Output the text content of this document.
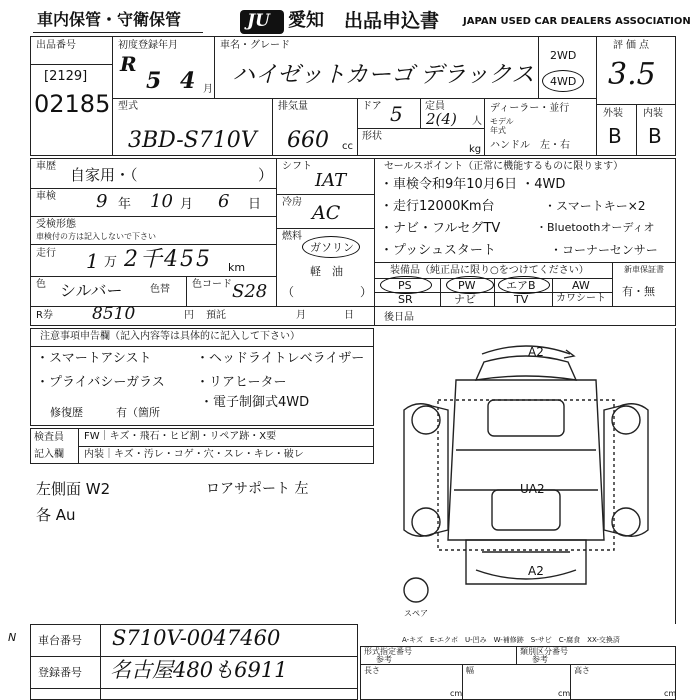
車内保管・守衛保管	JU 愛知 出品申込書 JAPAN USED CAR DEALERS ASSOCIATION
出品番号
[2129]
02185
初度登録年月
R
5 4 月
車名・グレード
ハイゼットカーゴ デラックス
2WD
4WD
評価点
3.5
外装 内装
B B
型式
3BD-S710V
排気量
660 cc
ドア 5 定員
2(4) 人
形状
kg
ディーラー・並行
モデル
年式
ハンドル　左・右
車歴 自家用・（	）
車検 9 年 10 月 6 日
受検形態
車検付の方は記入しないで下さい
走行 1 万 2千455 km
色 シルバー	色替 色コード S28
シフト
IAT
冷房 AC
燃料
ガソリン
軽　油
（	）
セールスポイント（正常に機能するものに限ります）
・車検令和9年10月6日 ・4WD
・走行12000Km台	・スマートキー×2
・ナビ・フルセグTV	・Bluetoothオーディオ
・プッシュスタート	・コーナーセンサー
装備品（純正品に限り○をつけてください）
PS	PW	エアB	AW
SR	ナビ	TV	カワシート
新車保証書
有・無
R券 8510	円 預託	月	日	後日品
注意事項申告欄（記入内容等は具体的に記入して下さい）
・スマートアシスト	・ヘッドライトレベライザー
・プライバシーガラス ・リアヒーター
・電子制御式4WD
修復歴	有（箇所
検査員
記入欄
FW｜キズ・飛石・ヒビ割・リペア跡・X要
内装｜キズ・汚レ・コゲ・穴・スレ・キレ・破レ
左側面 W2	ロアサポート 左
各 Au
A2
UA2
A2
スペア
A-キズ　E-エクボ　U-凹み　W-補修跡　S-サビ　C-腐食　XX-交換済
N 車台番号 S710V-0047460
登録番号 名古屋480も6911
形式指定番号
参考
類別区分番号
参考
長さ
cm
幅
cm
高さ
cm
